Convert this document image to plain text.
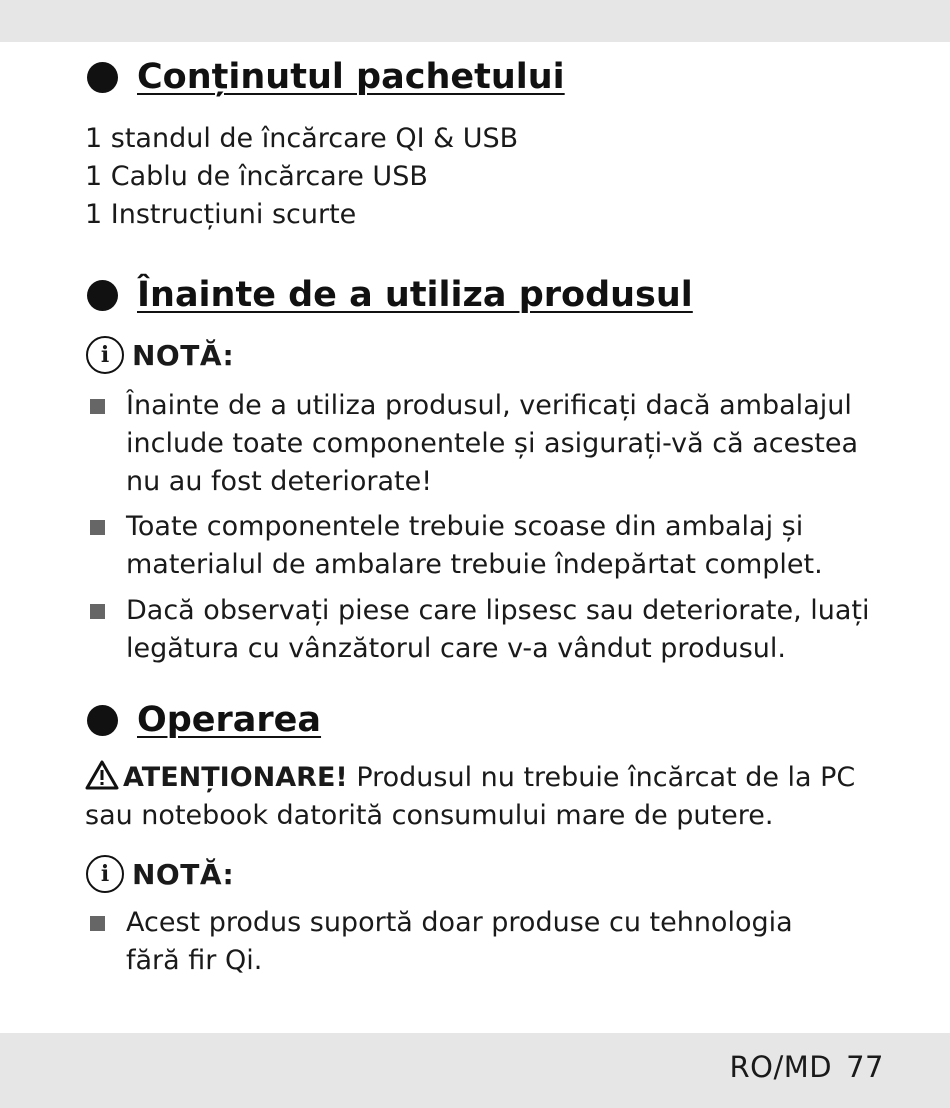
Conținutul pachetului
1 standul de încărcare QI & USB
1 Cablu de încărcare USB
1 Instrucțiuni scurte
Înainte de a utiliza produsul
i NOTĂ:
Înainte de a utiliza produsul, verificați dacă ambalajul include toate componentele și asigurați-vă că acestea nu au fost deteriorate!
Toate componentele trebuie scoase din ambalaj și materialul de ambalare trebuie îndepărtat complet.
Dacă observați piese care lipsesc sau deteriorate, luați legătura cu vânzătorul care v-a vândut produsul.
Operarea
ATENȚIONARE! Produsul nu trebuie încărcat de la PC sau notebook datorită consumului mare de putere.
i NOTĂ:
Acest produs suportă doar produse cu tehnologia fără fir Qi.
RO/MD 77
